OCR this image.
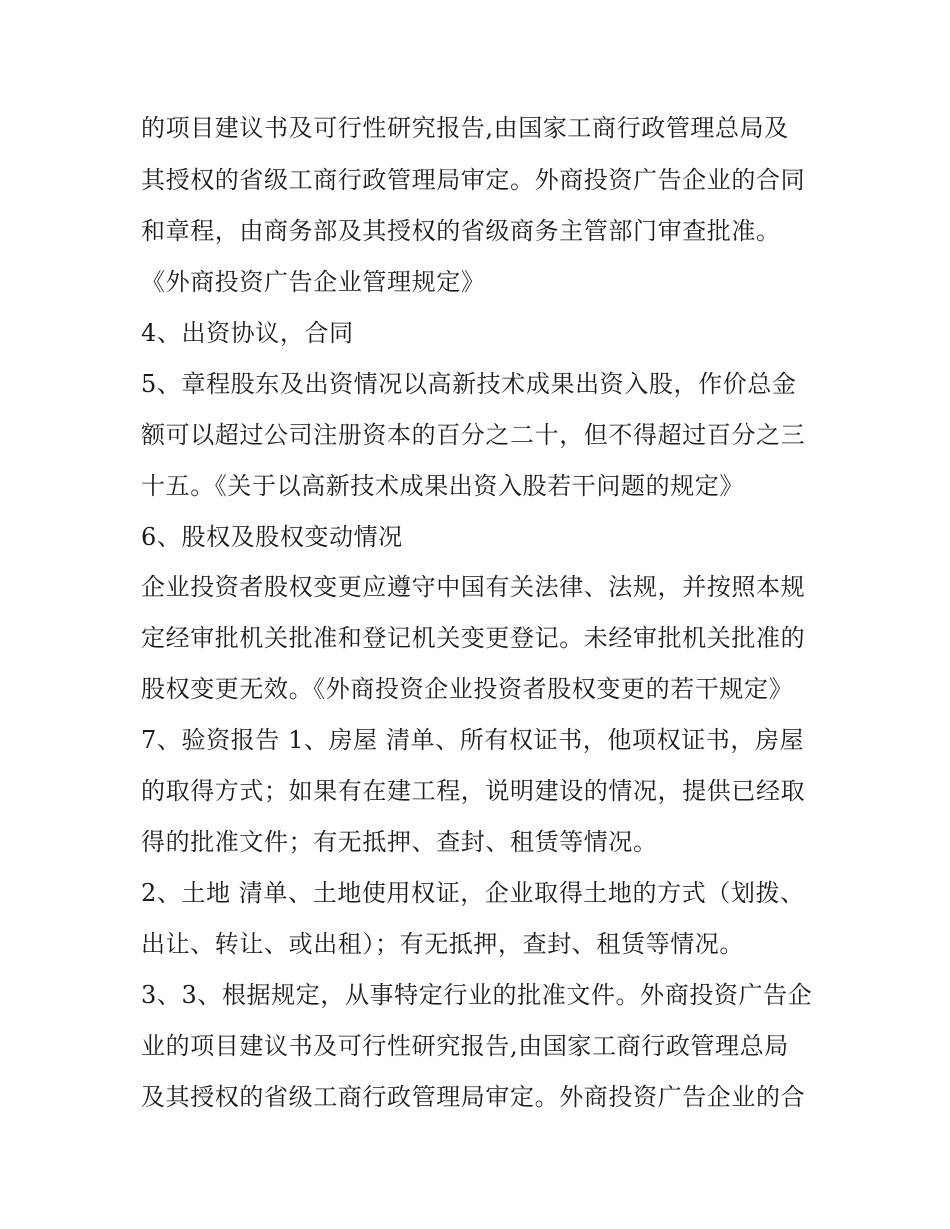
的项目建议书及可行性研究报告,由国家工商行政管理总局及
其授权的省级工商行政管理局审定。外商投资广告企业的合同
和章程，由商务部及其授权的省级商务主管部门审查批准。
《外商投资广告企业管理规定》
4、出资协议，合同
5、章程股东及出资情况以高新技术成果出资入股，作价总金
额可以超过公司注册资本的百分之二十，但不得超过百分之三
十五。《关于以高新技术成果出资入股若干问题的规定》
6、股权及股权变动情况
企业投资者股权变更应遵守中国有关法律、法规，并按照本规
定经审批机关批准和登记机关变更登记。未经审批机关批准的
股权变更无效。《外商投资企业投资者股权变更的若干规定》
7、验资报告 1、房屋 清单、所有权证书，他项权证书，房屋
的取得方式；如果有在建工程，说明建设的情况，提供已经取
得的批准文件；有无抵押、查封、租赁等情况。
2、土地 清单、土地使用权证，企业取得土地的方式（划拨、
出让、转让、或出租）；有无抵押，查封、租赁等情况。
3、3、根据规定，从事特定行业的批准文件。外商投资广告企
业的项目建议书及可行性研究报告,由国家工商行政管理总局
及其授权的省级工商行政管理局审定。外商投资广告企业的合
